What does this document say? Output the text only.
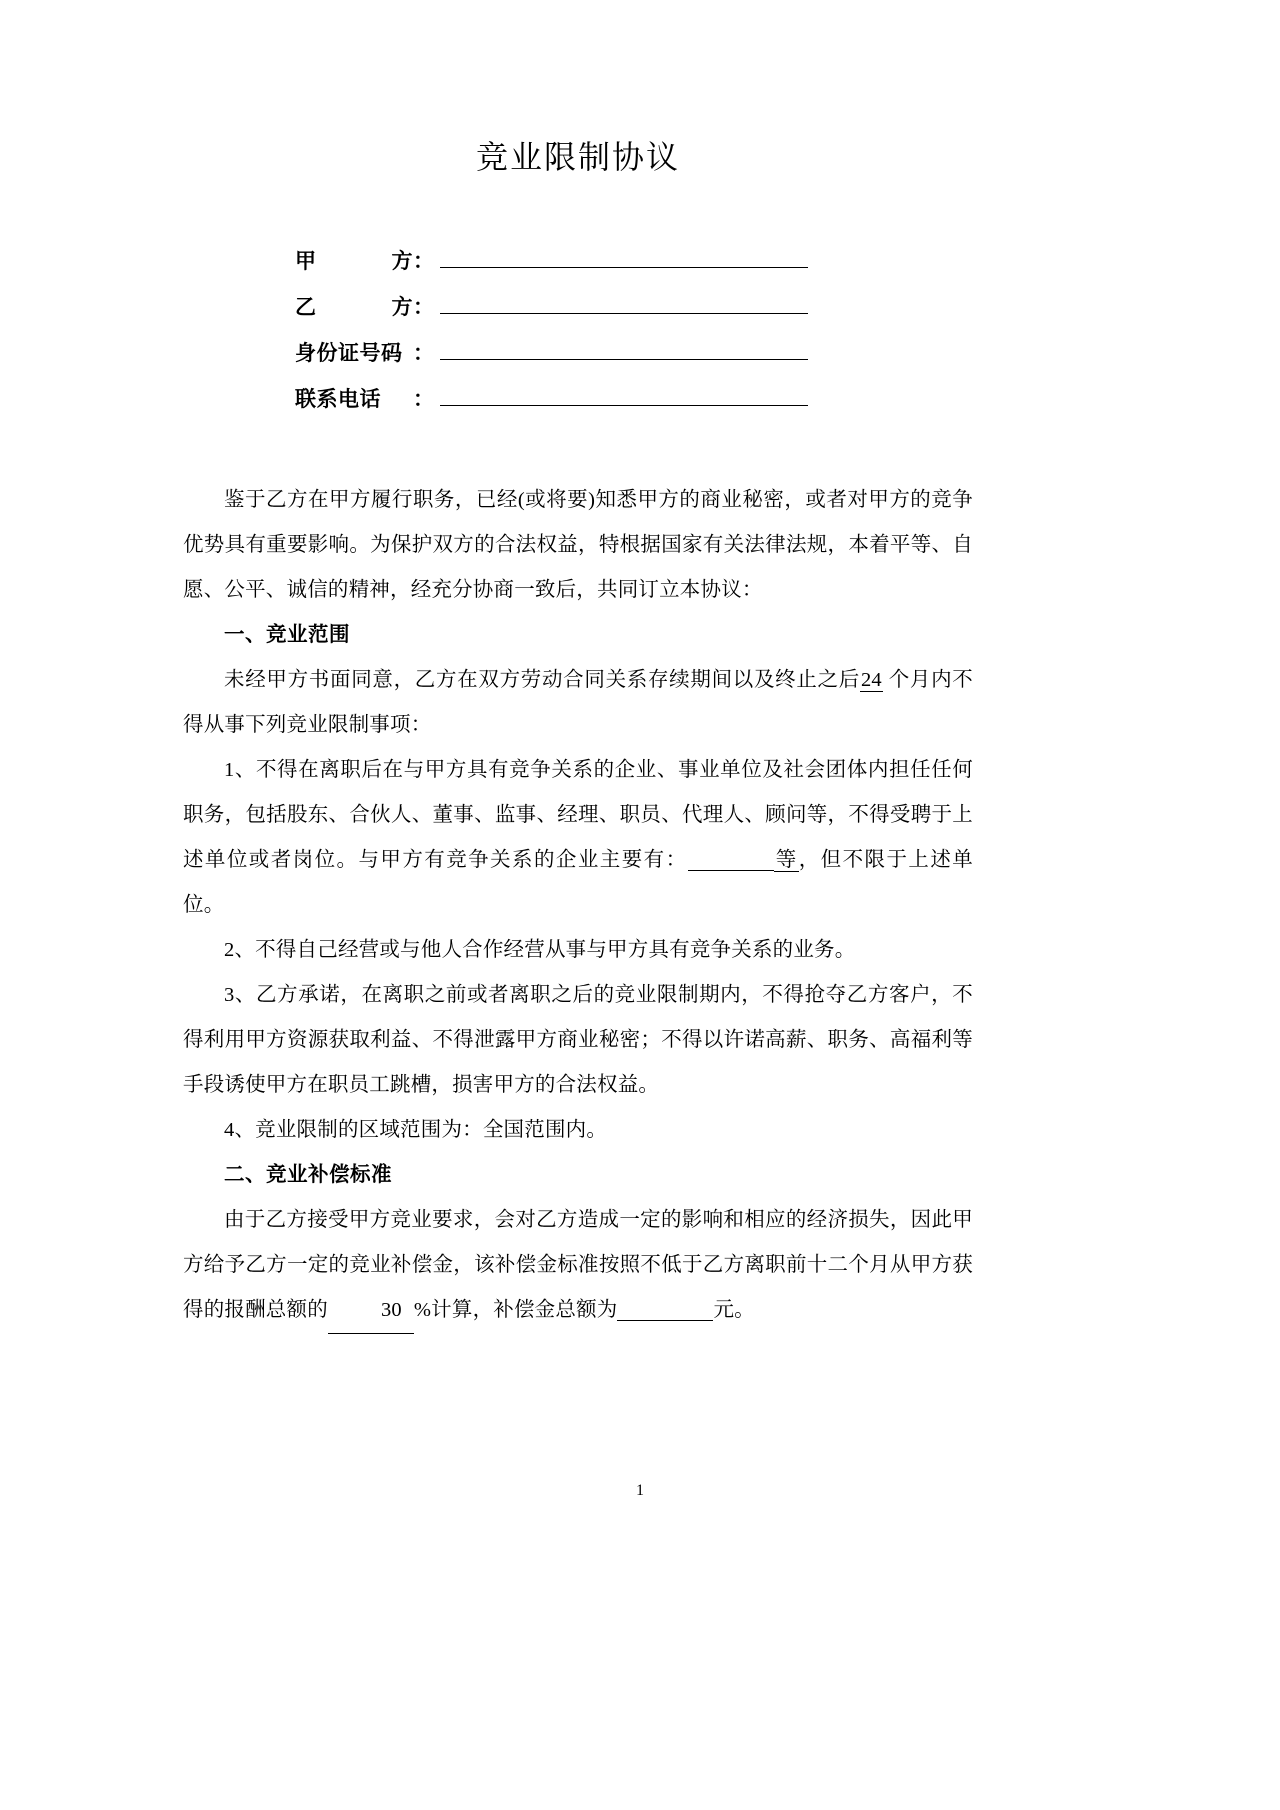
竞业限制协议
甲	方 ：
乙	方 ：
身份证号码 ：
联系电话	：

鉴于乙方在甲方履行职务，已经(或将要)知悉甲方的商业秘密，或者对甲方的竞争优势具有重要影响。为保护双方的合法权益，特根据国家有关法律法规，本着平等、自愿、公平、诚信的精神，经充分协商一致后，共同订立本协议：

一、竞业范围

未经甲方书面同意，乙方在双方劳动合同关系存续期间以及终止之后24 个月内不得从事下列竞业限制事项：

1、不得在离职后在与甲方具有竞争关系的企业、事业单位及社会团体内担任任何职务，包括股东、合伙人、董事、监事、经理、职员、代理人、顾问等，不得受聘于上述单位或者岗位。与甲方有竞争关系的企业主要有：	等，但不限于上述单位。

2、不得自己经营或与他人合作经营从事与甲方具有竞争关系的业务。

3、乙方承诺，在离职之前或者离职之后的竞业限制期内，不得抢夺乙方客户，不得利用甲方资源获取利益、不得泄露甲方商业秘密；不得以许诺高薪、职务、高福利等手段诱使甲方在职员工跳槽，损害甲方的合法权益。

4、竞业限制的区域范围为：全国范围内。

二、竞业补偿标准

由于乙方接受甲方竞业要求，会对乙方造成一定的影响和相应的经济损失，因此甲方给予乙方一定的竞业补偿金，该补偿金标准按照不低于乙方离职前十二个月从甲方获得的报酬总额的	30 %计算，补偿金总额为	元。

1
